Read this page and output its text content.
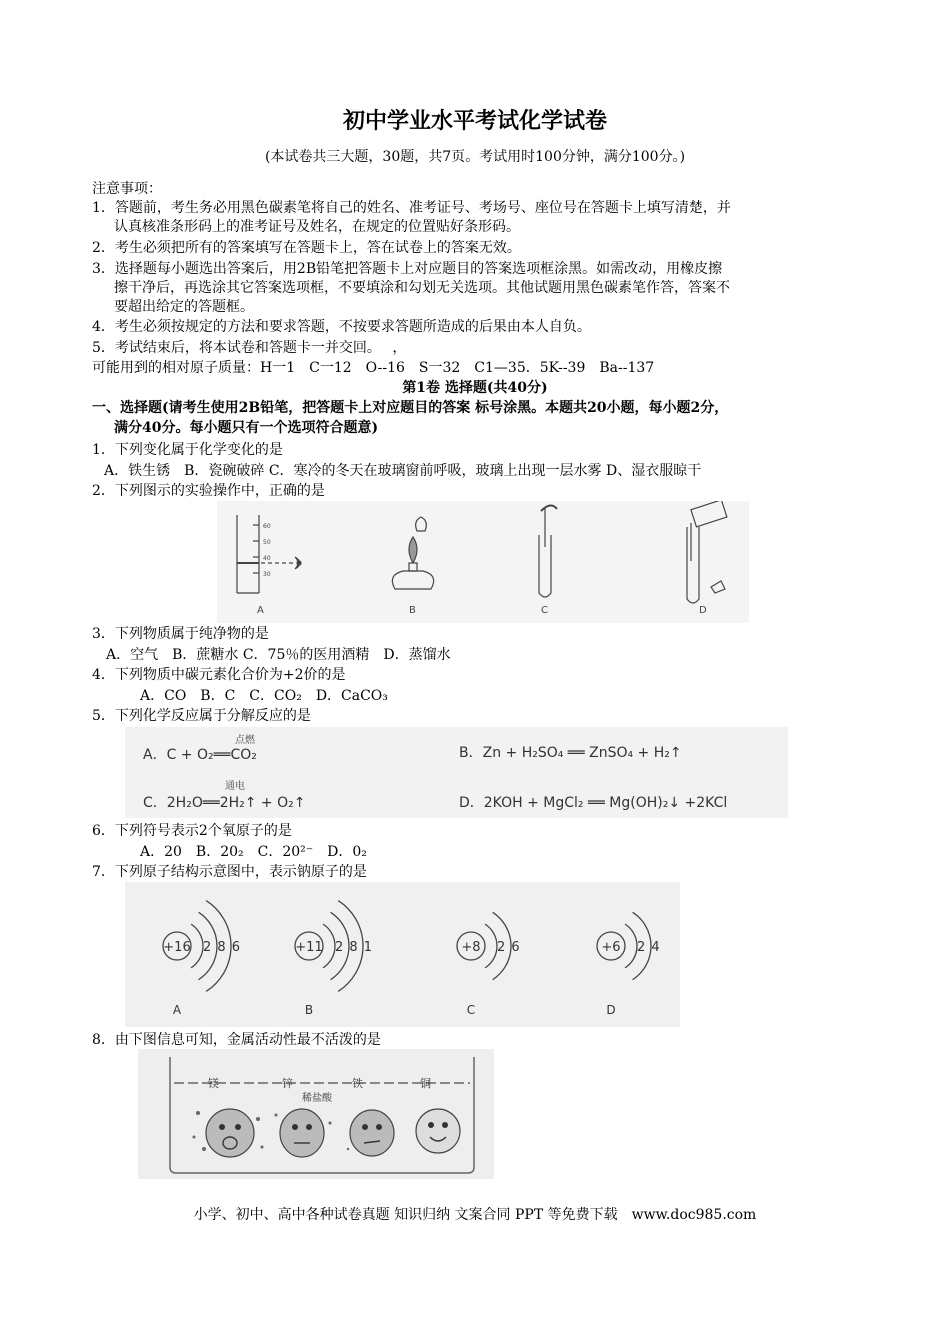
初中学业水平考试化学试卷
(本试卷共三大题，30题，共7页。考试用时100分钟，满分100分。)
注意事项：
1．答题前，考生务必用黑色碳素笔将自己的姓名、准考证号、考场号、座位号在答题卡上填写清楚，并
认真核准条形码上的准考证号及姓名，在规定的位置贴好条形码。
2．考生必须把所有的答案填写在答题卡上，答在试卷上的答案无效。
3．选择题每小题选出答案后，用2B铅笔把答题卡上对应题目的答案选项框涂黑。如需改动，用橡皮擦
擦干净后，再选涂其它答案选项框，不要填涂和勾划无关选项。其他试题用黑色碳素笔作答，答案不
要超出给定的答题框。
4．考生必须按规定的方法和要求答题，不按要求答题所造成的后果由本人自负。
5．考试结束后，将本试卷和答题卡一并交回。　 ，
可能用到的相对原子质量：H一1　C一12　O--16　S一32　C1—35．5K--39　Ba--137
第1卷 选择题(共40分)
一、选择题(请考生使用2B铅笔，把答题卡上对应题目的答案 标号涂黑。本题共20小题，每小题2分，
满分40分。每小题只有一个选项符合题意)
1．下列变化属于化学变化的是
A．铁生锈　B．瓷碗破碎 C．寒冷的冬天在玻璃窗前呼吸，玻璃上出现一层水雾 D、湿衣服晾干
2．下列图示的实验操作中，正确的是
60
50
40
30
A	B	C	D
3．下列物质属于纯净物的是
A．空气　B．蔗糖水 C．75％的医用酒精　D．蒸馏水
4．下列物质中碳元素化合价为+2价的是
A．CO　B．C　C．CO₂　D．CaCO₃
5．下列化学反应属于分解反应的是
点燃
A．C + O₂══CO₂	B．Zn + H₂SO₄ ══ ZnSO₄ + H₂↑
通电
C．2H₂O══2H₂↑ + O₂↑	D．2KOH + MgCl₂ ══ Mg(OH)₂↓ +2KCl
6．下列符号表示2个氧原子的是
A．20　B．20₂　C．20²⁻　D．0₂
7．下列原子结构示意图中，表示钠原子的是
+16 2 8 6
A
+11 2 8 1
B
+8 2 6
C
+6 2 4
D
8．由下图信息可知，金属活动性最不活泼的是
镁	锌	铁	铜
稀盐酸
小学、初中、高中各种试卷真题 知识归纳 文案合同 PPT 等免费下载　www.doc985.com
